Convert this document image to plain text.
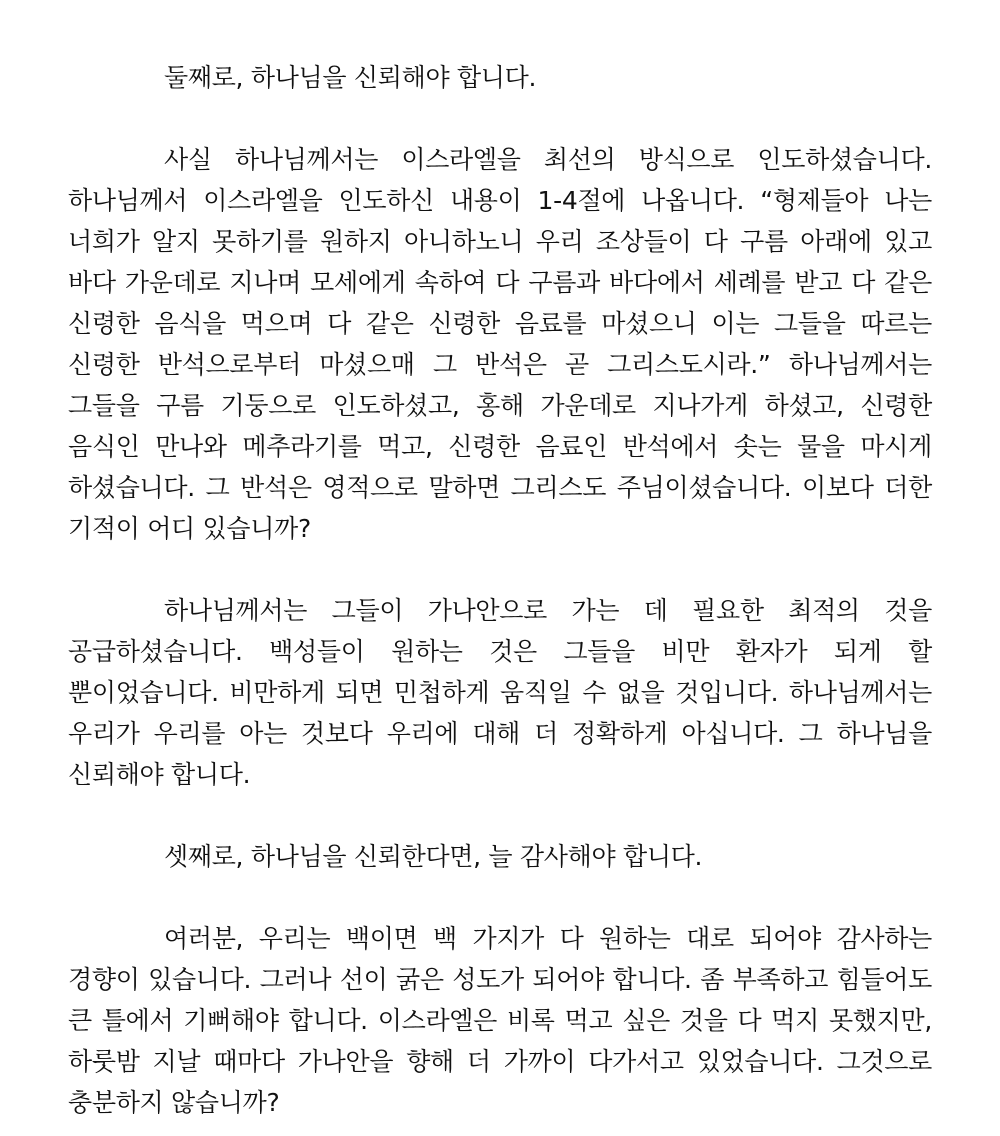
둘째로, 하나님을 신뢰해야 합니다.

사실 하나님께서는 이스라엘을 최선의 방식으로 인도하셨습니다. 하나님께서 이스라엘을 인도하신 내용이 1-4절에 나옵니다. “형제들아 나는 너희가 알지 못하기를 원하지 아니하노니 우리 조상들이 다 구름 아래에 있고 바다 가운데로 지나며 모세에게 속하여 다 구름과 바다에서 세례를 받고 다 같은 신령한 음식을 먹으며 다 같은 신령한 음료를 마셨으니 이는 그들을 따르는 신령한 반석으로부터 마셨으매 그 반석은 곧 그리스도시라.” 하나님께서는 그들을 구름 기둥으로 인도하셨고, 홍해 가운데로 지나가게 하셨고, 신령한 음식인 만나와 메추라기를 먹고, 신령한 음료인 반석에서 솟는 물을 마시게 하셨습니다. 그 반석은 영적으로 말하면 그리스도 주님이셨습니다. 이보다 더한 기적이 어디 있습니까?

하나님께서는 그들이 가나안으로 가는 데 필요한 최적의 것을 공급하셨습니다. 백성들이 원하는 것은 그들을 비만 환자가 되게 할 뿐이었습니다. 비만하게 되면 민첩하게 움직일 수 없을 것입니다. 하나님께서는 우리가 우리를 아는 것보다 우리에 대해 더 정확하게 아십니다. 그 하나님을 신뢰해야 합니다.

셋째로, 하나님을 신뢰한다면, 늘 감사해야 합니다.

여러분, 우리는 백이면 백 가지가 다 원하는 대로 되어야 감사하는 경향이 있습니다. 그러나 선이 굵은 성도가 되어야 합니다. 좀 부족하고 힘들어도 큰 틀에서 기뻐해야 합니다. 이스라엘은 비록 먹고 싶은 것을 다 먹지 못했지만, 하룻밤 지날 때마다 가나안을 향해 더 가까이 다가서고 있었습니다. 그것으로 충분하지 않습니까?
